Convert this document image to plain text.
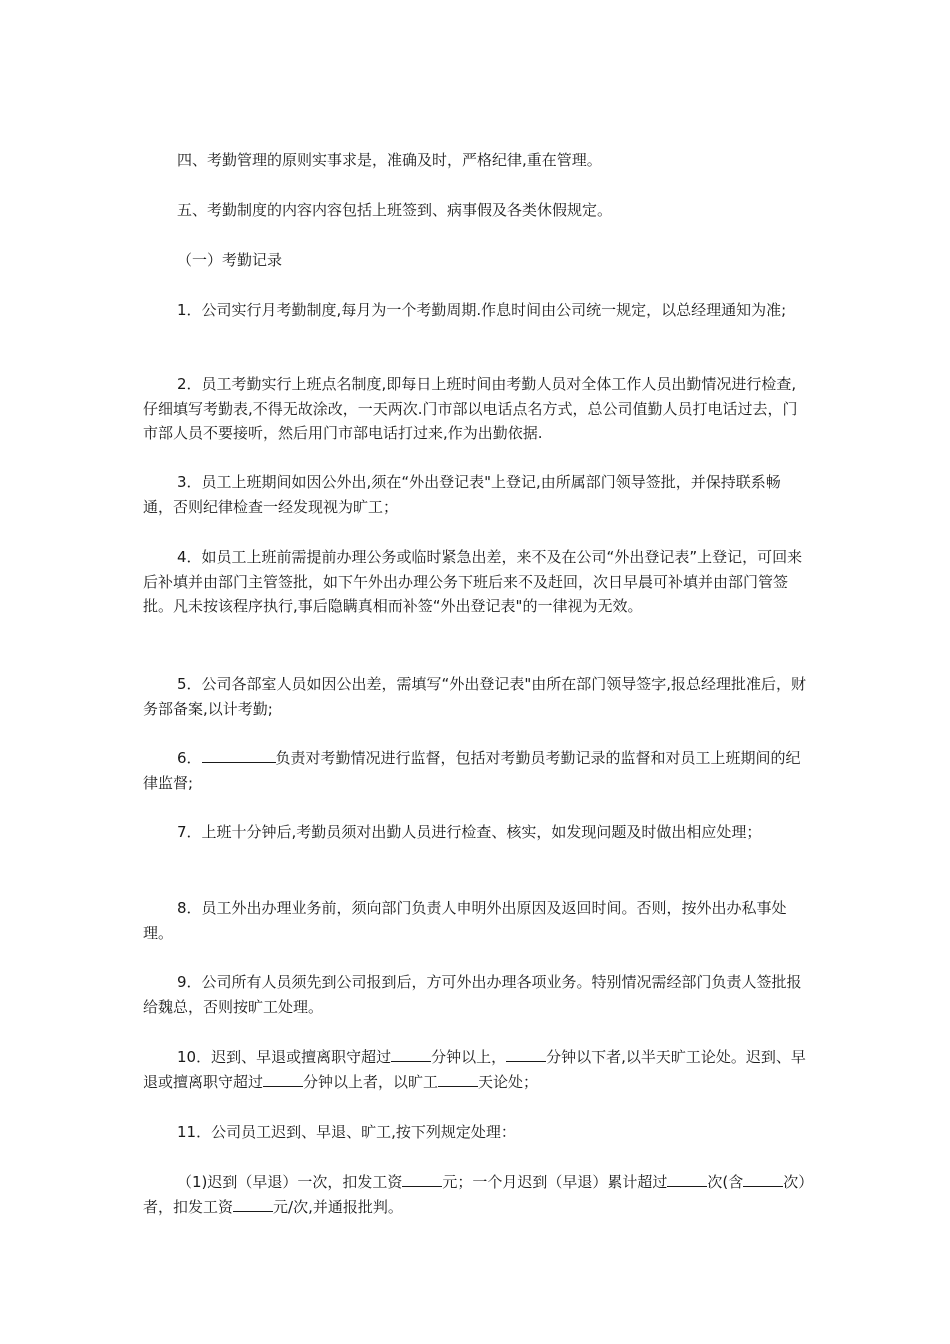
四、考勤管理的原则实事求是，准确及时，严格纪律,重在管理。

五、考勤制度的内容内容包括上班签到、病事假及各类休假规定。

（一）考勤记录

1．公司实行月考勤制度,每月为一个考勤周期.作息时间由公司统一规定，以总经理通知为准;

2．员工考勤实行上班点名制度,即每日上班时间由考勤人员对全体工作人员出勤情况进行检查,仔细填写考勤表,不得无故涂改，一天两次.门市部以电话点名方式，总公司值勤人员打电话过去，门市部人员不要接听，然后用门市部电话打过来,作为出勤依据.

3．员工上班期间如因公外出,须在“外出登记表"上登记,由所属部门领导签批，并保持联系畅通，否则纪律检查一经发现视为旷工；

4．如员工上班前需提前办理公务或临时紧急出差，来不及在公司“外出登记表”上登记，可回来后补填并由部门主管签批，如下午外出办理公务下班后来不及赶回，次日早晨可补填并由部门管签批。凡未按该程序执行,事后隐瞒真相而补签“外出登记表"的一律视为无效。

5．公司各部室人员如因公出差，需填写“外出登记表"由所在部门领导签字,报总经理批准后，财务部备案,以计考勤;

6．	负责对考勤情况进行监督，包括对考勤员考勤记录的监督和对员工上班期间的纪律监督;

7．上班十分钟后,考勤员须对出勤人员进行检查、核实，如发现问题及时做出相应处理；

8．员工外出办理业务前，须向部门负责人申明外出原因及返回时间。否则，按外出办私事处理。

9．公司所有人员须先到公司报到后，方可外出办理各项业务。特别情况需经部门负责人签批报给魏总，否则按旷工处理。

10．迟到、早退或擅离职守超过	分钟以上，	分钟以下者,以半天旷工论处。迟到、早退或擅离职守超过	分钟以上者，以旷工	天论处；

11．公司员工迟到、早退、旷工,按下列规定处理：

（1)迟到（早退）一次，扣发工资	元；一个月迟到（早退）累计超过	次(含	次）者，扣发工资	元/次,并通报批判。
